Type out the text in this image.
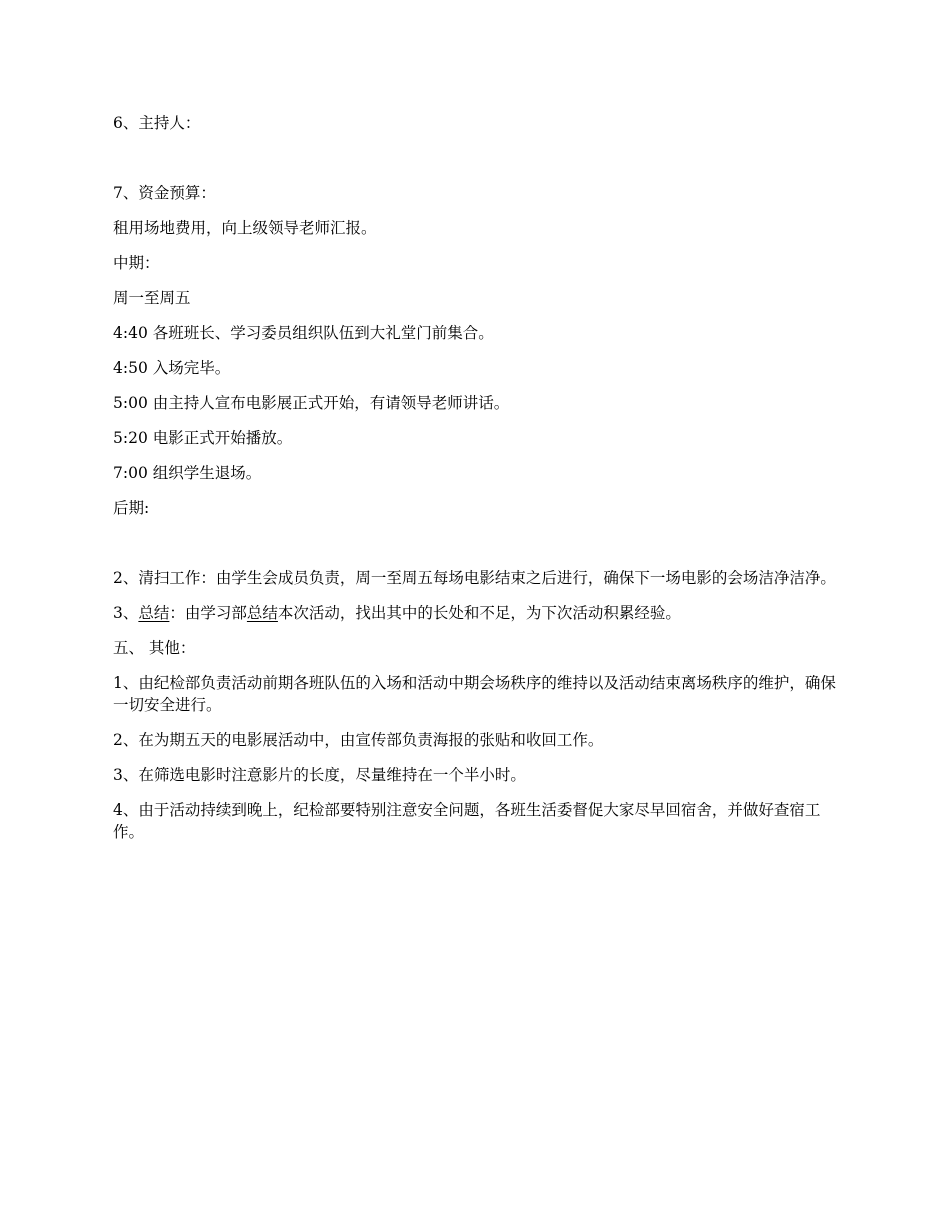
6、主持人：

7、资金预算：

租用场地费用，向上级领导老师汇报。

中期：

周一至周五

4:40 各班班长、学习委员组织队伍到大礼堂门前集合。

4:50 入场完毕。

5:00 由主持人宣布电影展正式开始，有请领导老师讲话。

5:20 电影正式开始播放。

7:00 组织学生退场。

后期:

2、清扫工作：由学生会成员负责，周一至周五每场电影结束之后进行，确保下一场电影的会场洁净洁净。

3、总结：由学习部总结本次活动，找出其中的长处和不足，为下次活动积累经验。

五、 其他：

1、由纪检部负责活动前期各班队伍的入场和活动中期会场秩序的维持以及活动结束离场秩序的维护，确保一切安全进行。

2、在为期五天的电影展活动中，由宣传部负责海报的张贴和收回工作。

3、在筛选电影时注意影片的长度，尽量维持在一个半小时。

4、由于活动持续到晚上，纪检部要特别注意安全问题，各班生活委督促大家尽早回宿舍，并做好查宿工作。
